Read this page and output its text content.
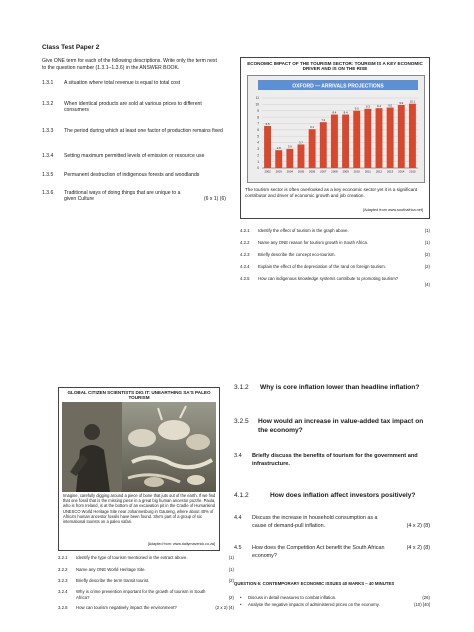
Class Test Paper 2
Give ONE term for each of the following descriptions. Write only the term next to the question number (1.3.1–1.3.6) in the ANSWER BOOK.
1.3.1	A situation where total revenue is equal to total cost
1.3.2	When identical products are sold at various prices to different consumers
1.3.3	The period during which at least one factor of production remains fixed
1.3.4	Setting maximum permitted levels of emission or resource use
1.3.5	Permanent destruction of indigenous forests and woodlands
1.3.6	Traditional ways of doing things that are unique to a given Culture	(6 x 1) (6)
ECONOMIC IMPACT OF THE TOURISM SECTOR: TOURISM IS A KEY ECONOMIC DRIVER AND IS ON THE RISE
OXFORD — ARRIVALS PROJECTIONS
0
1
2
3
4
5
6
7
8
9
10
11
6.6
2002
2.8
2003
3.0
2004
3.7
2005
6.1
2006
7.2
2007
8.4
2008
8.4
2009
9.0
2010
9.3
2011
9.4
2012
9.5
2013
9.9
2014
10.1
2015
The tourism sector is often overlooked as a key economic sector yet it is a significant contributor and driver of economic growth and job creation.
[Adapted from www.southafrica.net]
4.2.1	Identify the effect of tourism in the graph above.	(1)
4.2.2	Name any ONE reason for tourism growth in South Africa.	(1)
4.2.3	Briefly describe the concept eco-tourism.	(2)
4.2.4	Explain the effect of the depreciation of the rand on foreign tourism.	(2)
4.2.5	How can indigenous knowledge systems contribute to promoting tourism?
(4)
GLOBAL CITIZEN SCIENTISTS DIG IT: UNEARTHING SA'S PALEO TOURISM
Imagine, carefully digging around a piece of bone that juts out of the earth. If we find that one fossil that is the missing piece in a great big human ancestor puzzle. Paula, who is from Ireland, is at the bottom of an excavation pit in the Cradle of Humankind UNESCO World Heritage Site near Johannesburg in Gauteng, where about 40% of Africa's human ancestor fossils have been found. She's part of a group of six international tourists on a paleo safari.
[Adapted from: www.dailymaverick.co.za]
3.2.1	Identify the type of tourism mentioned in the extract above.	(1)
3.2.2	Name any ONE World Heritage Site.	(1)
3.2.3	Briefly describe the term transit tourist.	(2)
3.2.4	Why is crime prevention important for the growth of tourism in South Africa?	(2)
3.2.5	How can tourism negatively impact the environment?	(2 x 2) (4)
3.1.2	Why is core inflation lower than headline inflation?
3.2.5	How would an increase in value-added tax impact on the economy?
3.4	Briefly discuss the benefits of tourism for the government and infrastructure.
4.1.2	How does inflation affect investors positively?
4.4	Discuss the increase in household consumption as a cause of demand-pull inflation.	(4 x 2) (8)
4.5	How does the Competition Act benefit the South African economy?
(4 x 2) (8)
QUESTION 6: CONTEMPORARY ECONOMIC ISSUES 40 MARKS – 40 MINUTES
•	Discuss in detail measures to combat inflation.	(26)
•	Analyse the negative impacts of administered prices on the economy.	(10) [40]
